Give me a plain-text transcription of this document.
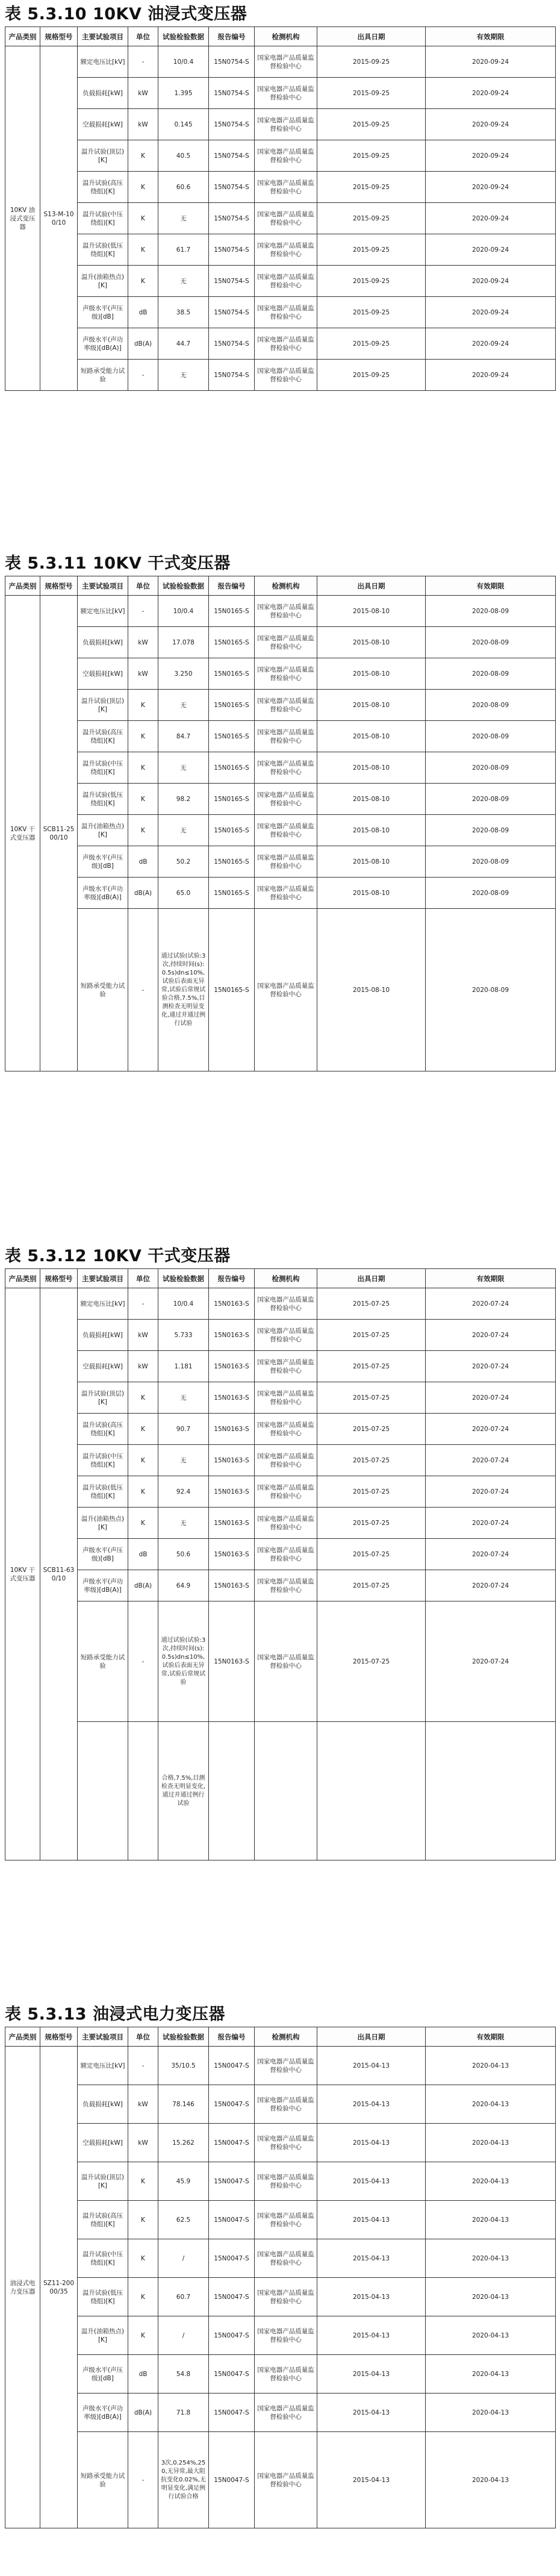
表 5.3.10 10KV 油浸式变压器
产品类别	规格型号	主要试验项目	单位	试验检验数据	报告编号	检测机构	出具日期	有效期限
10KV 油浸式变压器	S13-M-100/10	额定电压比[kV]	-	10/0.4	15N0754-S	国家电器产品质量监督检验中心	2015-09-25	2020-09-24
		负载损耗[kW]	kW	1.395	15N0754-S	国家电器产品质量监督检验中心	2015-09-25	2020-09-24
		空载损耗[kW]	kW	0.145	15N0754-S	国家电器产品质量监督检验中心	2015-09-25	2020-09-24
		温升试验(顶层)[K]	K	40.5	15N0754-S	国家电器产品质量监督检验中心	2015-09-25	2020-09-24
		温升试验(高压绕组)[K]	K	60.6	15N0754-S	国家电器产品质量监督检验中心	2015-09-25	2020-09-24
		温升试验(中压绕组)[K]	K	无	15N0754-S	国家电器产品质量监督检验中心	2015-09-25	2020-09-24
		温升试验(低压绕组)[K]	K	61.7	15N0754-S	国家电器产品质量监督检验中心	2015-09-25	2020-09-24
		温升(油箱热点)[K]	K	无	15N0754-S	国家电器产品质量监督检验中心	2015-09-25	2020-09-24
		声级水平(声压级)[dB]	dB	38.5	15N0754-S	国家电器产品质量监督检验中心	2015-09-25	2020-09-24
		声级水平(声功率级)[dB(A)]	dB(A)	44.7	15N0754-S	国家电器产品质量监督检验中心	2015-09-25	2020-09-24
		短路承受能力试验	-	无	15N0754-S	国家电器产品质量监督检验中心	2015-09-25	2020-09-24
表 5.3.11 10KV 干式变压器
产品类别	规格型号	主要试验项目	单位	试验检验数据	报告编号	检测机构	出具日期	有效期限
10KV 干式变压器	SCB11-2500/10	额定电压比[kV]	-	10/0.4	15N0165-S	国家电器产品质量监督检验中心	2015-08-10	2020-08-09
		负载损耗[kW]	kW	17.078	15N0165-S	国家电器产品质量监督检验中心	2015-08-10	2020-08-09
		空载损耗[kW]	kW	3.250	15N0165-S	国家电器产品质量监督检验中心	2015-08-10	2020-08-09
		温升试验(顶层)[K]	K	无	15N0165-S	国家电器产品质量监督检验中心	2015-08-10	2020-08-09
		温升试验(高压绕组)[K]	K	84.7	15N0165-S	国家电器产品质量监督检验中心	2015-08-10	2020-08-09
		温升试验(中压绕组)[K]	K	无	15N0165-S	国家电器产品质量监督检验中心	2015-08-10	2020-08-09
		温升试验(低压绕组)[K]	K	98.2	15N0165-S	国家电器产品质量监督检验中心	2015-08-10	2020-08-09
		温升(油箱热点)[K]	K	无	15N0165-S	国家电器产品质量监督检验中心	2015-08-10	2020-08-09
		声级水平(声压级)[dB]	dB	50.2	15N0165-S	国家电器产品质量监督检验中心	2015-08-10	2020-08-09
		声级水平(声功率级)[dB(A)]	dB(A)	65.0	15N0165-S	国家电器产品质量监督检验中心	2015-08-10	2020-08-09
		短路承受能力试验	-	通过试验(试验:3次,持续时间(s):0.5s)dn≤10%,试验后表面无异常,试验后常规试验合格,7.5%,目测检查无明显变化,通过并通过例行试验	15N0165-S	国家电器产品质量监督检验中心	2015-08-10	2020-08-09
表 5.3.12 10KV 干式变压器
产品类别	规格型号	主要试验项目	单位	试验检验数据	报告编号	检测机构	出具日期	有效期限
10KV 干式变压器	SCB11-630/10	额定电压比[kV]	-	10/0.4	15N0163-S	国家电器产品质量监督检验中心	2015-07-25	2020-07-24
		负载损耗[kW]	kW	5.733	15N0163-S	国家电器产品质量监督检验中心	2015-07-25	2020-07-24
		空载损耗[kW]	kW	1.181	15N0163-S	国家电器产品质量监督检验中心	2015-07-25	2020-07-24
		温升试验(顶层)[K]	K	无	15N0163-S	国家电器产品质量监督检验中心	2015-07-25	2020-07-24
		温升试验(高压绕组)[K]	K	90.7	15N0163-S	国家电器产品质量监督检验中心	2015-07-25	2020-07-24
		温升试验(中压绕组)[K]	K	无	15N0163-S	国家电器产品质量监督检验中心	2015-07-25	2020-07-24
		温升试验(低压绕组)[K]	K	92.4	15N0163-S	国家电器产品质量监督检验中心	2015-07-25	2020-07-24
		温升(油箱热点)[K]	K	无	15N0163-S	国家电器产品质量监督检验中心	2015-07-25	2020-07-24
		声级水平(声压级)[dB]	dB	50.6	15N0163-S	国家电器产品质量监督检验中心	2015-07-25	2020-07-24
		声级水平(声功率级)[dB(A)]	dB(A)	64.9	15N0163-S	国家电器产品质量监督检验中心	2015-07-25	2020-07-24
		短路承受能力试验	-	通过试验(试验:3次,持续时间(s):0.5s)dn≤10%,试验后表面无异常,试验后常规试验	15N0163-S	国家电器产品质量监督检验中心	2015-07-25	2020-07-24
				合格,7.5%,目测检查无明显变化,通过并通过例行试验				
表 5.3.13 油浸式电力变压器
产品类别	规格型号	主要试验项目	单位	试验检验数据	报告编号	检测机构	出具日期	有效期限
油浸式电力变压器	SZ11-20000/35	额定电压比[kV]	-	35/10.5	15N0047-S	国家电器产品质量监督检验中心	2015-04-13	2020-04-13
		负载损耗[kW]	kW	78.146	15N0047-S	国家电器产品质量监督检验中心	2015-04-13	2020-04-13
		空载损耗[kW]	kW	15.262	15N0047-S	国家电器产品质量监督检验中心	2015-04-13	2020-04-13
		温升试验(顶层)[K]	K	45.9	15N0047-S	国家电器产品质量监督检验中心	2015-04-13	2020-04-13
		温升试验(高压绕组)[K]	K	62.5	15N0047-S	国家电器产品质量监督检验中心	2015-04-13	2020-04-13
		温升试验(中压绕组)[K]	K	/	15N0047-S	国家电器产品质量监督检验中心	2015-04-13	2020-04-13
		温升试验(低压绕组)[K]	K	60.7	15N0047-S	国家电器产品质量监督检验中心	2015-04-13	2020-04-13
		温升(油箱热点)[K]	K	/	15N0047-S	国家电器产品质量监督检验中心	2015-04-13	2020-04-13
		声级水平(声压级)[dB]	dB	54.8	15N0047-S	国家电器产品质量监督检验中心	2015-04-13	2020-04-13
		声级水平(声功率级)[dB(A)]	dB(A)	71.8	15N0047-S	国家电器产品质量监督检验中心	2015-04-13	2020-04-13
		短路承受能力试验	-	3次,0.254%,250,无异常,最大阻抗变化0.02%,无明显变化,满足例行试验合格	15N0047-S	国家电器产品质量监督检验中心	2015-04-13	2020-04-13
